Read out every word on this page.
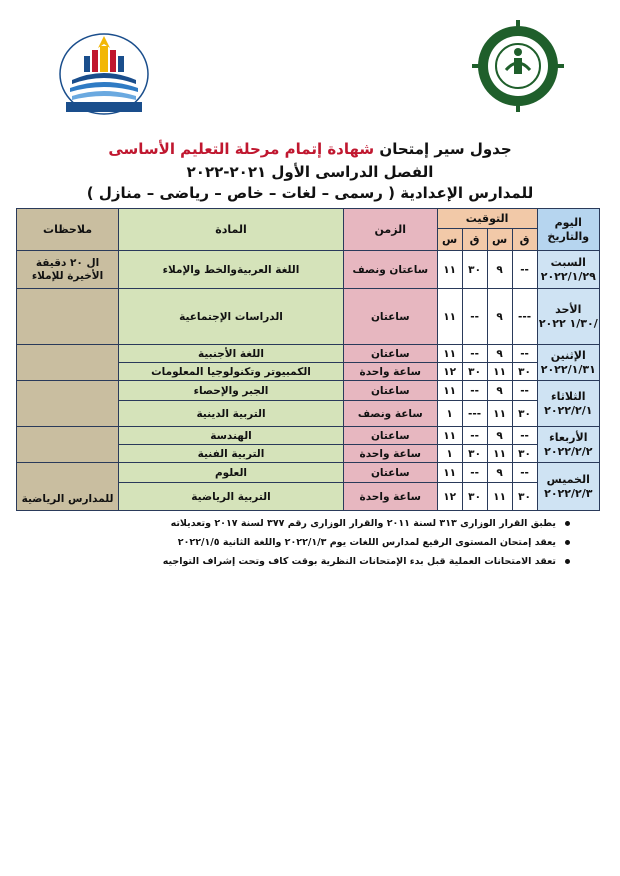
جدول سير إمتحان شهادة إتمام مرحلة التعليم الأساسى
الفصل الدراسى الأول ٢٠٢١-٢٠٢٢
للمدارس الإعدادية ( رسمى – لغات – خاص – رياضى – منازل )
اليوم والتاريخ	التوقيت				الزمن	المادة	ملاحظات
	ق	س	ق	س			

السبت
٢٠٢٢/١/٢٩	--	٩	٣٠	١١	ساعتان ونصف	اللغة العربيةوالخط والإملاء	ال ٢٠ دقيقة الأخيرة للإملاء

الأحد
/١/٣٠ ٢٠٢٢	---	٩	--	١١	ساعتان	الدراسات الإجتماعية	

الإثنين
٢٠٢٢/١/٣١	--	٩	--	١١	ساعتان	اللغة الأجنبية	
	٣٠	١١	٣٠	١٢	ساعة واحدة	الكمبيوتر وتكنولوجيا المعلومات	

الثلاثاء
٢٠٢٢/٢/١	--	٩	--	١١	ساعتان	الجبر والإحصاء	
	٣٠	١١	---	١	ساعة ونصف	التربية الدينية	

الأربعاء
٢٠٢٢/٢/٢	--	٩	--	١١	ساعتان	الهندسة	
	٣٠	١١	٣٠	١	ساعة واحدة	التربية الفنية	

الخميس
٢٠٢٢/٢/٣	--	٩	--	١١	ساعتان	العلوم	للمدارس الرياضية
	٣٠	١١	٣٠	١٢	ساعة واحدة	التربية الرياضية	
يطبق القرار الوزارى ٣١٣ لسنة ٢٠١١ والقرار الوزارى رقم ٣٧٧ لسنة ٢٠١٧ وتعديلاته
يعقد إمتحان المستوى الرفيع لمدارس اللغات يوم ٢٠٢٢/١/٣ واللغة الثانية ٢٠٢٢/١/٥
تعقد الامتحانات العملية قبل بدء الإمتحانات النظرية بوقت كاف وتحت إشراف التواجيه
